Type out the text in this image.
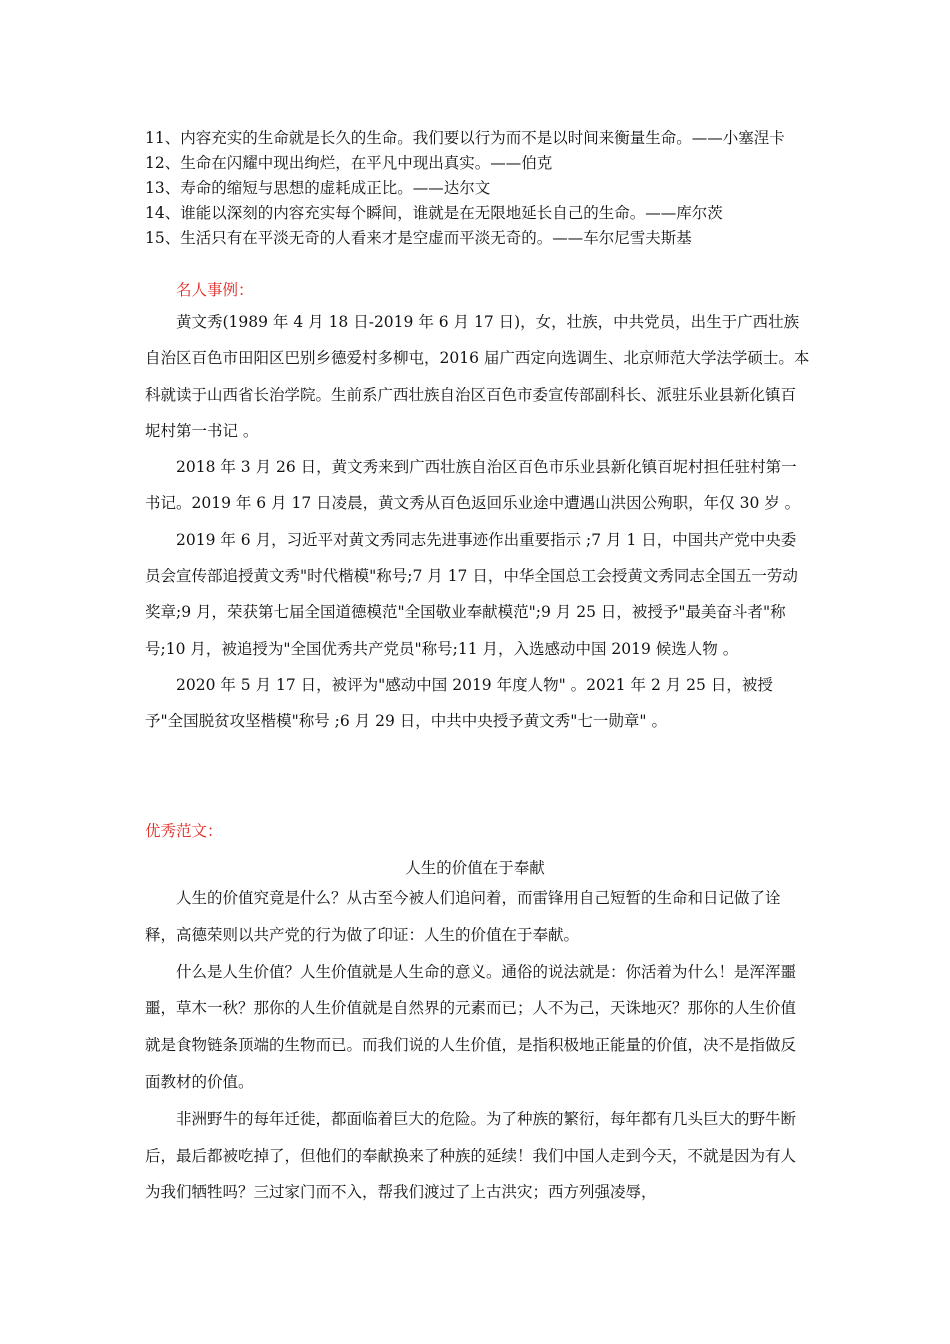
11、内容充实的生命就是长久的生命。我们要以行为而不是以时间来衡量生命。——小塞涅卡

12、生命在闪耀中现出绚烂，在平凡中现出真实。——伯克

13、寿命的缩短与思想的虚耗成正比。——达尔文

14、谁能以深刻的内容充实每个瞬间，谁就是在无限地延长自己的生命。——库尔茨

15、生活只有在平淡无奇的人看来才是空虚而平淡无奇的。——车尔尼雪夫斯基

名人事例：

黄文秀(1989 年 4 月 18 日-2019 年 6 月 17 日)，女，壮族，中共党员，出生于广西壮族自治区百色市田阳区巴别乡德爱村多柳屯，2016 届广西定向选调生、北京师范大学法学硕士。本科就读于山西省长治学院。生前系广西壮族自治区百色市委宣传部副科长、派驻乐业县新化镇百坭村第一书记 。

2018 年 3 月 26 日，黄文秀来到广西壮族自治区百色市乐业县新化镇百坭村担任驻村第一书记。2019 年 6 月 17 日凌晨，黄文秀从百色返回乐业途中遭遇山洪因公殉职，年仅 30 岁 。

2019 年 6 月，习近平对黄文秀同志先进事迹作出重要指示 ;7 月 1 日，中国共产党中央委员会宣传部追授黄文秀"时代楷模"称号;7 月 17 日，中华全国总工会授黄文秀同志全国五一劳动奖章;9 月，荣获第七届全国道德模范"全国敬业奉献模范";9 月 25 日，被授予"最美奋斗者"称号;10 月，被追授为"全国优秀共产党员"称号;11 月，入选感动中国 2019 候选人物 。

2020 年 5 月 17 日，被评为"感动中国 2019 年度人物" 。2021 年 2 月 25 日，被授予"全国脱贫攻坚楷模"称号 ;6 月 29 日，中共中央授予黄文秀"七一勋章" 。

优秀范文：
人生的价值在于奉献

人生的价值究竟是什么？从古至今被人们追问着，而雷锋用自己短暂的生命和日记做了诠释，高德荣则以共产党的行为做了印证：人生的价值在于奉献。

什么是人生价值？人生价值就是人生命的意义。通俗的说法就是：你活着为什么！是浑浑噩噩，草木一秋？那你的人生价值就是自然界的元素而已；人不为己，天诛地灭？那你的人生价值就是食物链条顶端的生物而已。而我们说的人生价值，是指积极地正能量的价值，决不是指做反面教材的价值。

非洲野牛的每年迁徙，都面临着巨大的危险。为了种族的繁衍，每年都有几头巨大的野牛断后，最后都被吃掉了，但他们的奉献换来了种族的延续！我们中国人走到今天，不就是因为有人为我们牺牲吗？三过家门而不入，帮我们渡过了上古洪灾；西方列强凌辱，
